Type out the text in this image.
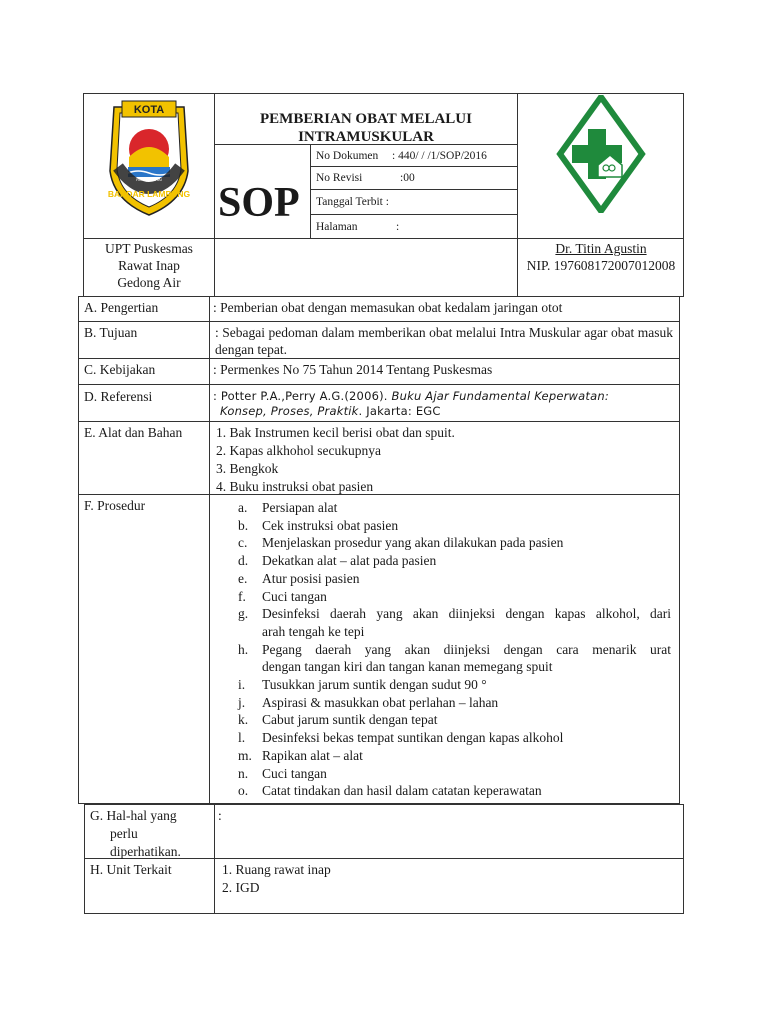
KOTA
BANDAR LAMPUNG
RUWAI JURAI
PEMBERIAN OBAT MELALUI
INTRAMUSKULAR
SOP
No Dokumen : 440/ / /1/SOP/2016
No Revisi	:00
Tanggal Terbit :
Halaman	:
UPT Puskesmas
Rawat Inap
Gedong Air
Dr. Titin Agustin
NIP. 197608172007012008
A. Pengertian	: Pemberian obat dengan memasukan obat kedalam jaringan otot
B. Tujuan	: Sebagai pedoman dalam memberikan obat melalui Intra Muskular agar obat masuk dengan tepat.
C. Kebijakan	: Permenkes No 75 Tahun 2014 Tentang Puskesmas
D. Referensi	: Potter P.A.,Perry A.G.(2006). Buku Ajar Fundamental Keperwatan:
Konsep, Proses, Praktik. Jakarta: EGC
E. Alat dan Bahan	1. Bak Instrumen kecil berisi obat dan spuit.
2. Kapas alkhohol secukupnya
3. Bengkok
4. Buku instruksi obat pasien
F. Prosedur	a. Persiapan alat
b. Cek instruksi obat pasien
c. Menjelaskan prosedur yang akan dilakukan pada pasien
d. Dekatkan alat – alat pada pasien
e. Atur posisi pasien
f. Cuci tangan
g. Desinfeksi daerah yang akan diinjeksi dengan kapas alkohol, dari
arah tengah ke tepi
h. Pegang daerah yang akan diinjeksi dengan cara menarik urat
dengan tangan kiri dan tangan kanan memegang spuit
i. Tusukkan jarum suntik dengan sudut 90 °
j. Aspirasi & masukkan obat perlahan – lahan
k. Cabut jarum suntik dengan tepat
l. Desinfeksi bekas tempat suntikan dengan kapas alkohol
m. Rapikan alat – alat
n. Cuci tangan
o. Catat tindakan dan hasil dalam catatan keperawatan
G. Hal-hal yang
perlu
diperhatikan.
:
H. Unit Terkait	1. Ruang rawat inap
2. IGD
